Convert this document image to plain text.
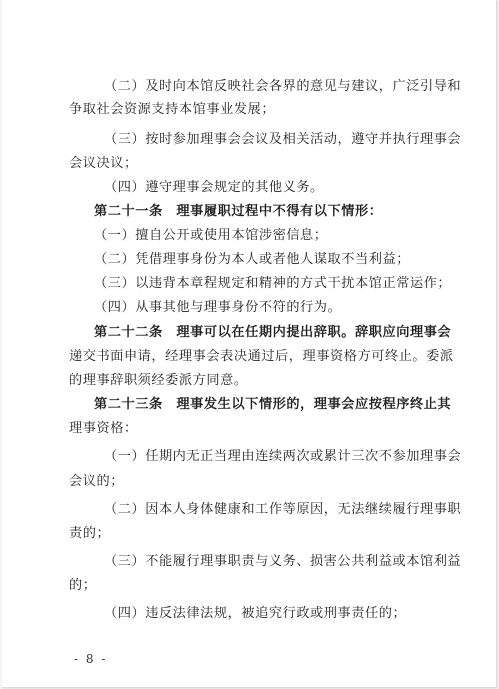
（二）及时向本馆反映社会各界的意见与建议，广泛引导和
争取社会资源支持本馆事业发展；
（三）按时参加理事会会议及相关活动，遵守并执行理事会
会议决议；
（四）遵守理事会规定的其他义务。
第二十一条　理事履职过程中不得有以下情形：
（一）擅自公开或使用本馆涉密信息；
（二）凭借理事身份为本人或者他人谋取不当利益；
（三）以违背本章程规定和精神的方式干扰本馆正常运作；
（四）从事其他与理事身份不符的行为。
第二十二条　理事可以在任期内提出辞职。辞职应向理事会
递交书面申请，经理事会表决通过后，理事资格方可终止。委派
的理事辞职须经委派方同意。
第二十三条　理事发生以下情形的，理事会应按程序终止其
理事资格：
（一）任期内无正当理由连续两次或累计三次不参加理事会
会议的；
（二）因本人身体健康和工作等原因，无法继续履行理事职
责的；
（三）不能履行理事职责与义务、损害公共利益或本馆利益
的；
（四）违反法律法规，被追究行政或刑事责任的；
- 8 -
